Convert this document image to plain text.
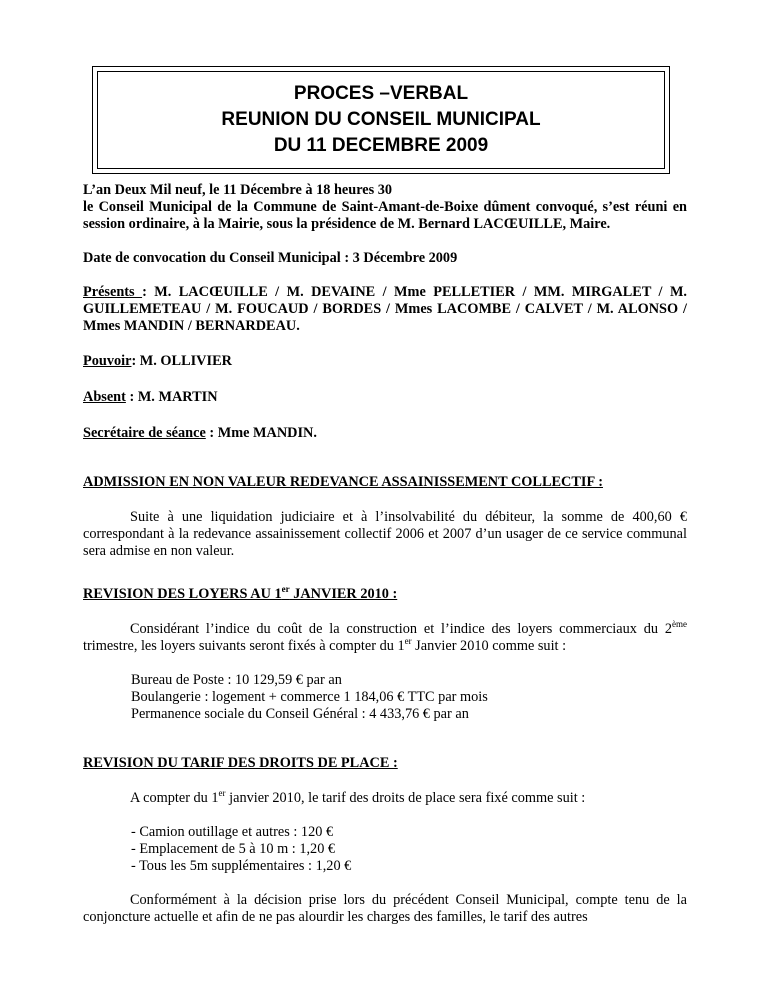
PROCES –VERBAL
REUNION DU CONSEIL MUNICIPAL
DU 11 DECEMBRE 2009

L’an Deux Mil neuf, le 11 Décembre à 18 heures 30

le Conseil Municipal de la Commune de Saint-Amant-de-Boixe dûment convoqué, s’est réuni en session ordinaire, à la Mairie, sous la présidence de M. Bernard LACŒUILLE, Maire.

Date de convocation du Conseil Municipal : 3 Décembre 2009

Présents : M. LACŒUILLE / M. DEVAINE / Mme PELLETIER / MM. MIRGALET / M. GUILLEMETEAU / M. FOUCAUD / BORDES / Mmes LACOMBE / CALVET / M. ALONSO / Mmes MANDIN / BERNARDEAU.

Pouvoir: M. OLLIVIER

Absent : M. MARTIN

Secrétaire de séance : Mme MANDIN.

ADMISSION EN NON VALEUR REDEVANCE ASSAINISSEMENT COLLECTIF :

Suite à une liquidation judiciaire et à l’insolvabilité du débiteur, la somme de 400,60 € correspondant à la redevance assainissement collectif 2006 et 2007 d’un usager de ce service communal sera admise en non valeur.

REVISION DES LOYERS AU 1er JANVIER 2010 :

Considérant l’indice du coût de la construction et l’indice des loyers commerciaux du 2ème trimestre, les loyers suivants seront fixés à compter du 1er Janvier 2010 comme suit :

Bureau de Poste : 10 129,59 € par an

Boulangerie : logement + commerce 1 184,06 € TTC par mois

Permanence sociale du Conseil Général : 4 433,76 € par an

REVISION DU TARIF DES DROITS DE PLACE :

A compter du 1er janvier 2010, le tarif des droits de place sera fixé comme suit :

- Camion outillage et autres : 120 €

- Emplacement de 5 à 10 m : 1,20 €

- Tous les 5m supplémentaires : 1,20 €

Conformément à la décision prise lors du précédent Conseil Municipal, compte tenu de la conjoncture actuelle et afin de ne pas alourdir les charges des familles, le tarif des autres
